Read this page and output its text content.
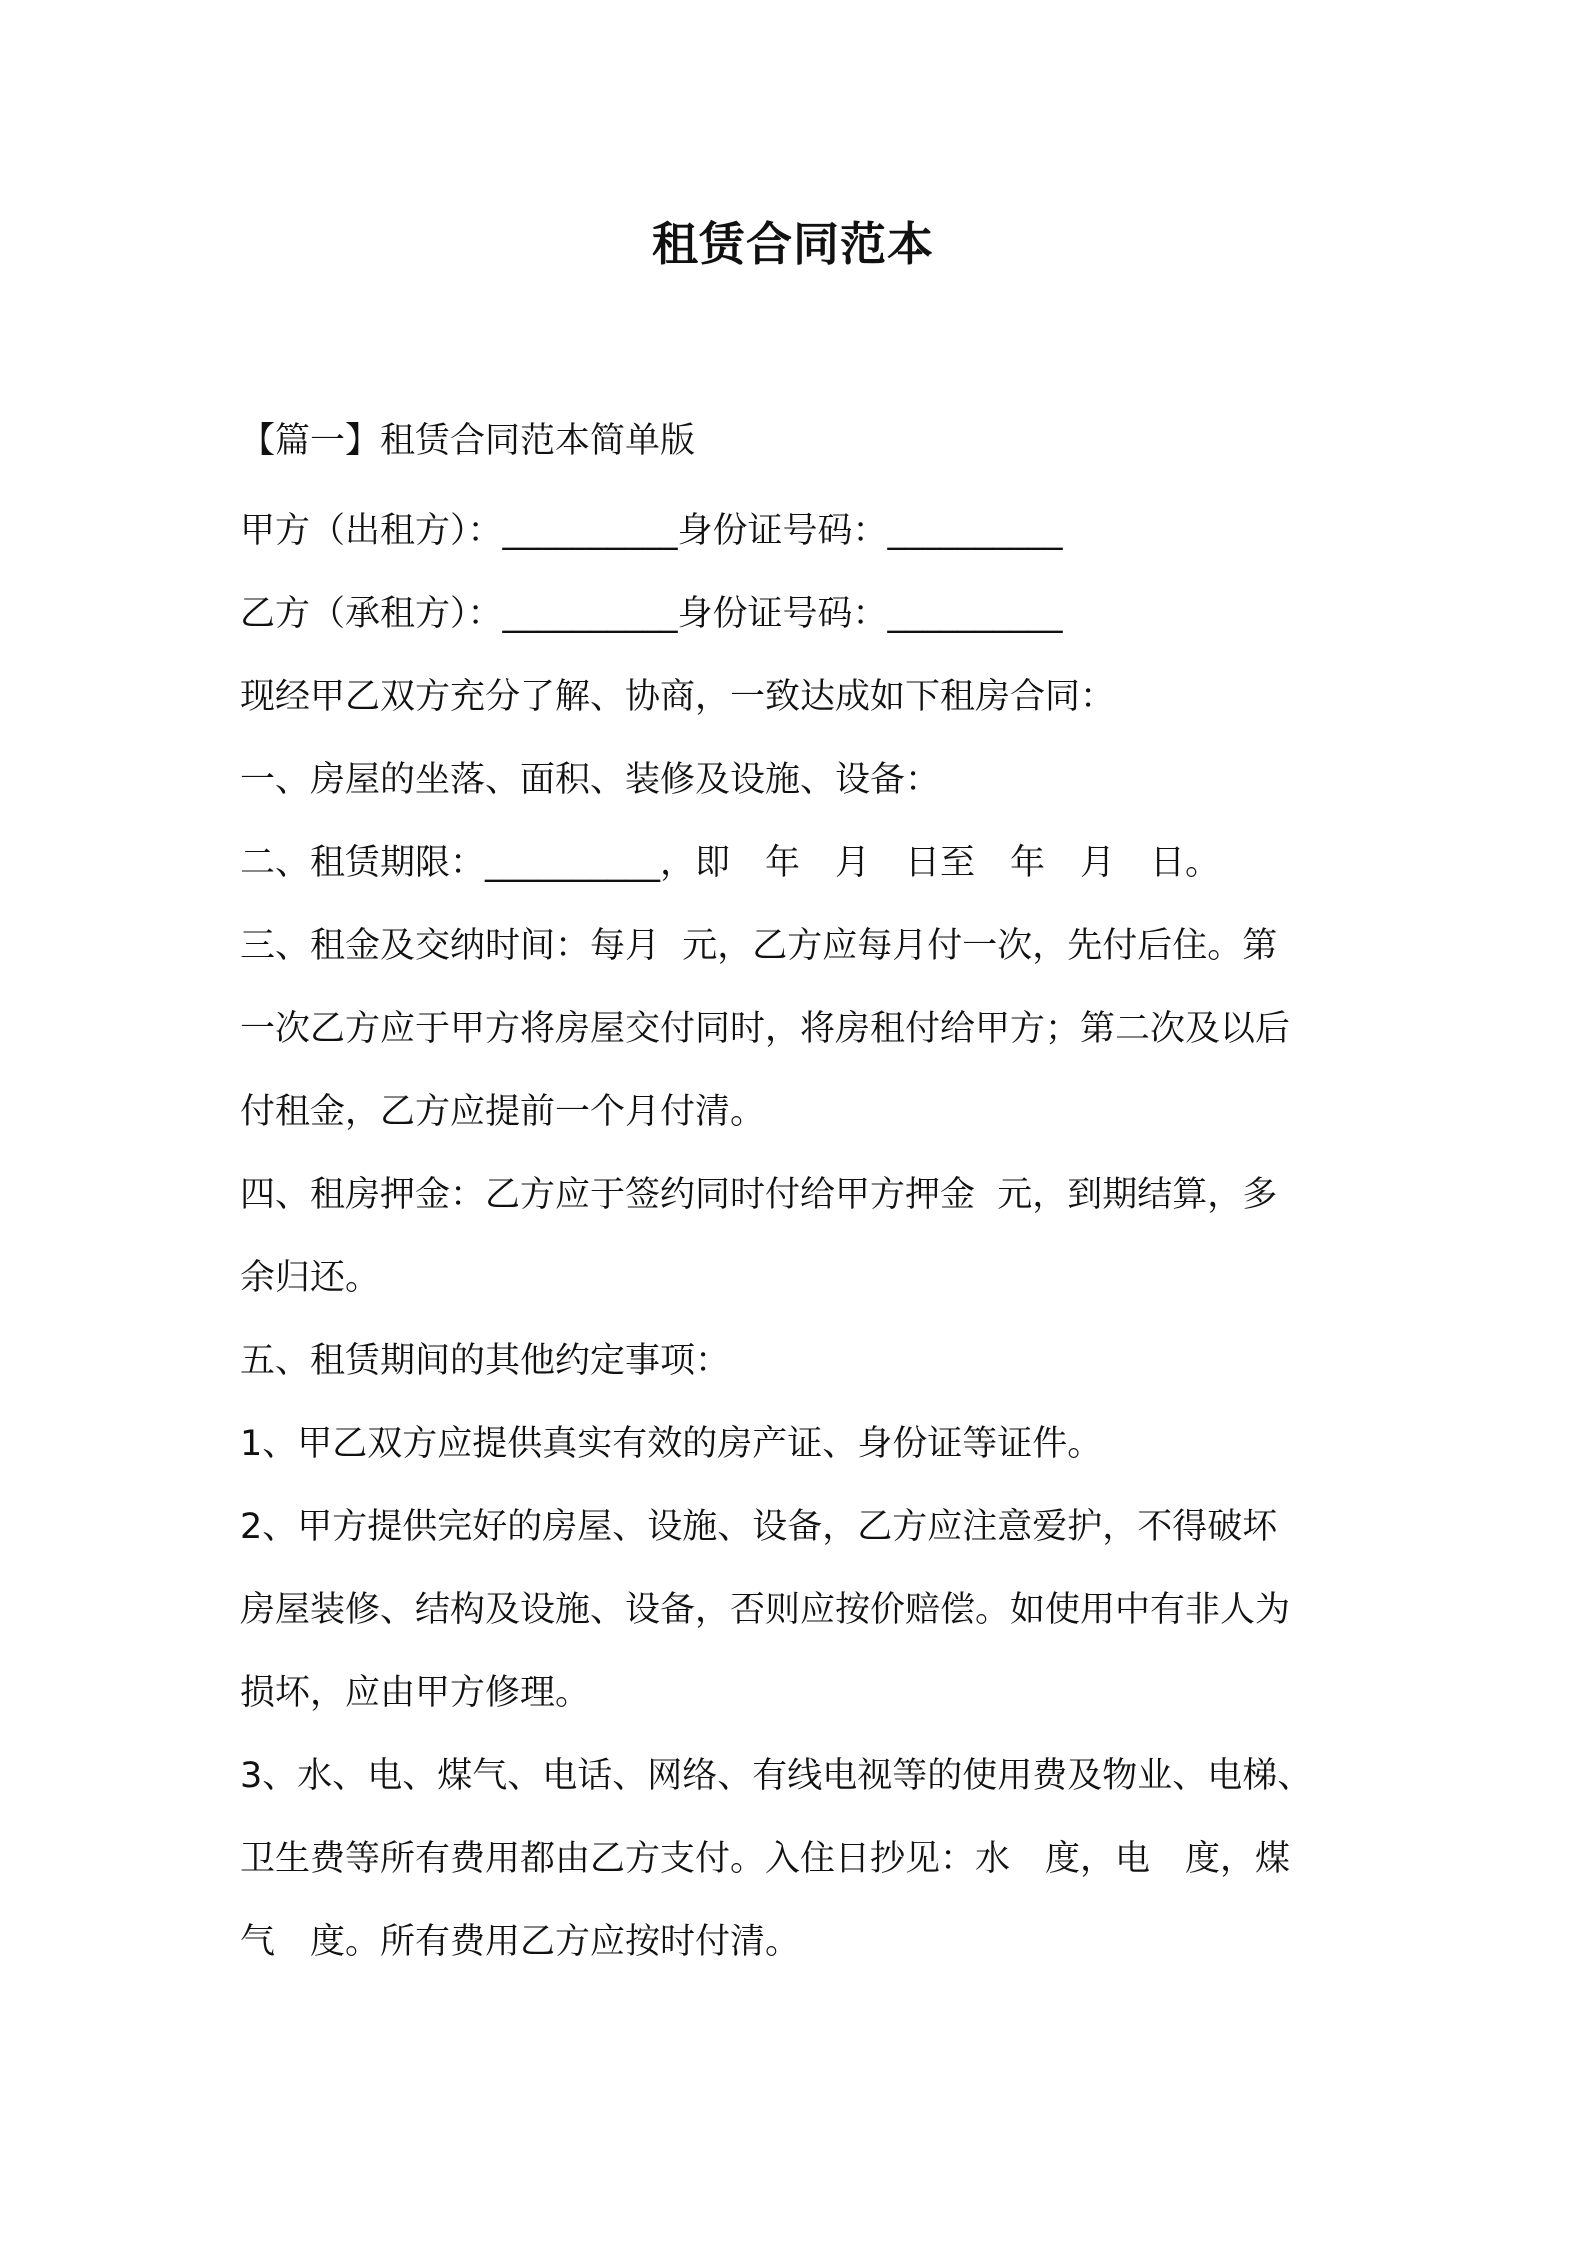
租赁合同范本
【篇一】租赁合同范本简单版
甲方（出租方）：__________身份证号码：__________
乙方（承租方）：__________身份证号码：__________
现经甲乙双方充分了解、协商，一致达成如下租房合同：
一、房屋的坐落、面积、装修及设施、设备：
二、租赁期限：__________，即　年　月　日至　年　月　日。
三、租金及交纳时间：每月  元，乙方应每月付一次，先付后住。第
一次乙方应于甲方将房屋交付同时，将房租付给甲方；第二次及以后
付租金，乙方应提前一个月付清。
四、租房押金：乙方应于签约同时付给甲方押金  元，到期结算，多
余归还。
五、租赁期间的其他约定事项：
1、甲乙双方应提供真实有效的房产证、身份证等证件。
2、甲方提供完好的房屋、设施、设备，乙方应注意爱护，不得破坏
房屋装修、结构及设施、设备，否则应按价赔偿。如使用中有非人为
损坏，应由甲方修理。
3、水、电、煤气、电话、网络、有线电视等的使用费及物业、电梯、
卫生费等所有费用都由乙方支付。入住日抄见：水　度，电　度，煤
气　度。所有费用乙方应按时付清。
